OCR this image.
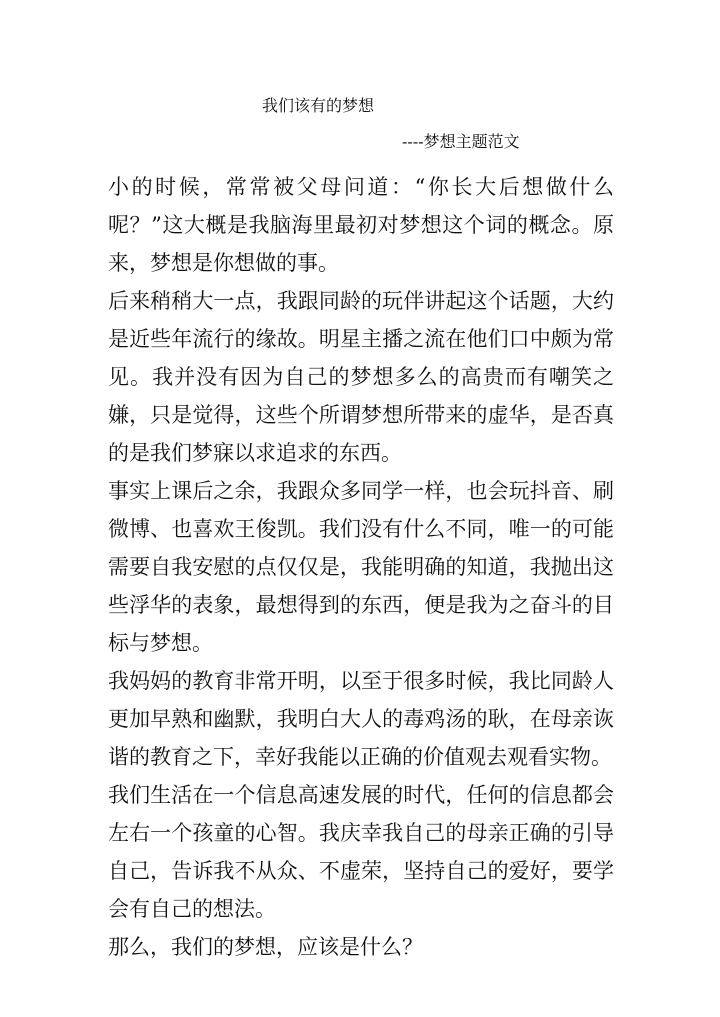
我们该有的梦想
----梦想主题范文

小的时候，常常被父母问道：“你长大后想做什么呢？”这大概是我脑海里最初对梦想这个词的概念。原来，梦想是你想做的事。

后来稍稍大一点，我跟同龄的玩伴讲起这个话题，大约是近些年流行的缘故。明星主播之流在他们口中颇为常见。我并没有因为自己的梦想多么的高贵而有嘲笑之嫌，只是觉得，这些个所谓梦想所带来的虚华，是否真的是我们梦寐以求追求的东西。

事实上课后之余，我跟众多同学一样，也会玩抖音、刷微博、也喜欢王俊凯。我们没有什么不同，唯一的可能需要自我安慰的点仅仅是，我能明确的知道，我抛出这些浮华的表象，最想得到的东西，便是我为之奋斗的目标与梦想。

我妈妈的教育非常开明，以至于很多时候，我比同龄人更加早熟和幽默，我明白大人的毒鸡汤的耿，在母亲诙谐的教育之下，幸好我能以正确的价值观去观看实物。

我们生活在一个信息高速发展的时代，任何的信息都会左右一个孩童的心智。我庆幸我自己的母亲正确的引导自己，告诉我不从众、不虚荣，坚持自己的爱好，要学会有自己的想法。

那么，我们的梦想，应该是什么？
